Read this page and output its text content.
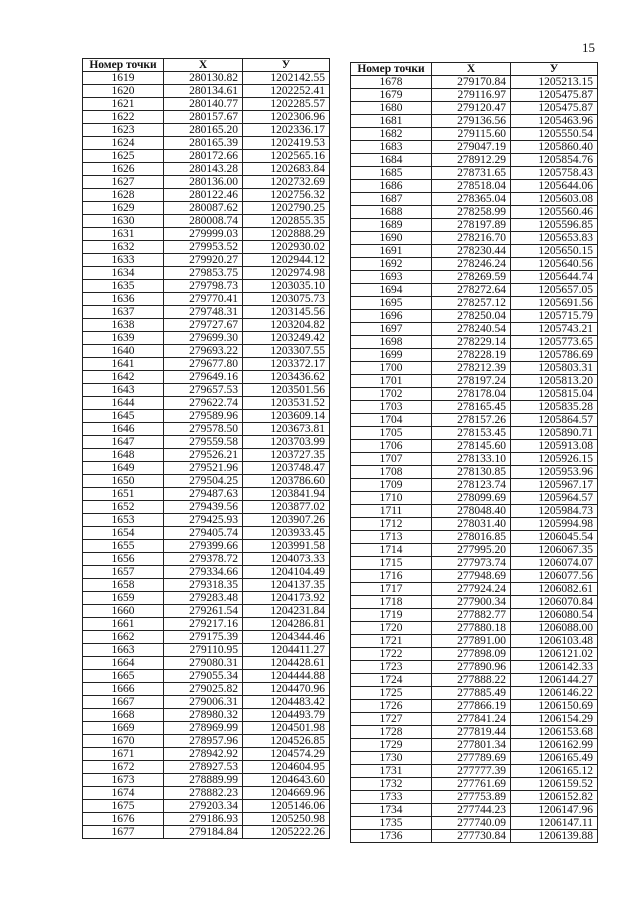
15
Номер точки	X	У
1619	280130.82	1202142.55
1620	280134.61	1202252.41
1621	280140.77	1202285.57
1622	280157.67	1202306.96
1623	280165.20	1202336.17
1624	280165.39	1202419.53
1625	280172.66	1202565.16
1626	280143.28	1202683.84
1627	280136.00	1202732.69
1628	280122.46	1202756.32
1629	280087.62	1202790.25
1630	280008.74	1202855.35
1631	279999.03	1202888.29
1632	279953.52	1202930.02
1633	279920.27	1202944.12
1634	279853.75	1202974.98
1635	279798.73	1203035.10
1636	279770.41	1203075.73
1637	279748.31	1203145.56
1638	279727.67	1203204.82
1639	279699.30	1203249.42
1640	279693.22	1203307.55
1641	279677.80	1203372.17
1642	279649.16	1203436.62
1643	279657.53	1203501.56
1644	279622.74	1203531.52
1645	279589.96	1203609.14
1646	279578.50	1203673.81
1647	279559.58	1203703.99
1648	279526.21	1203727.35
1649	279521.96	1203748.47
1650	279504.25	1203786.60
1651	279487.63	1203841.94
1652	279439.56	1203877.02
1653	279425.93	1203907.26
1654	279405.74	1203933.45
1655	279399.66	1203991.58
1656	279378.72	1204073.33
1657	279334.66	1204104.49
1658	279318.35	1204137.35
1659	279283.48	1204173.92
1660	279261.54	1204231.84
1661	279217.16	1204286.81
1662	279175.39	1204344.46
1663	279110.95	1204411.27
1664	279080.31	1204428.61
1665	279055.34	1204444.88
1666	279025.82	1204470.96
1667	279006.31	1204483.42
1668	278980.32	1204493.79
1669	278969.99	1204501.98
1670	278957.96	1204526.85
1671	278942.92	1204574.29
1672	278927.53	1204604.95
1673	278889.99	1204643.60
1674	278882.23	1204669.96
1675	279203.34	1205146.06
1676	279186.93	1205250.98
1677	279184.84	1205222.26
Номер точки	X	У
1678	279170.84	1205213.15
1679	279116.97	1205475.87
1680	279120.47	1205475.87
1681	279136.56	1205463.96
1682	279115.60	1205550.54
1683	279047.19	1205860.40
1684	278912.29	1205854.76
1685	278731.65	1205758.43
1686	278518.04	1205644.06
1687	278365.04	1205603.08
1688	278258.99	1205560.46
1689	278197.89	1205596.85
1690	278216.70	1205653.83
1691	278230.44	1205650.15
1692	278246.24	1205640.56
1693	278269.59	1205644.74
1694	278272.64	1205657.05
1695	278257.12	1205691.56
1696	278250.04	1205715.79
1697	278240.54	1205743.21
1698	278229.14	1205773.65
1699	278228.19	1205786.69
1700	278212.39	1205803.31
1701	278197.24	1205813.20
1702	278178.04	1205815.04
1703	278165.45	1205835.28
1704	278157.26	1205864.57
1705	278153.45	1205890.71
1706	278145.60	1205913.08
1707	278133.10	1205926.15
1708	278130.85	1205953.96
1709	278123.74	1205967.17
1710	278099.69	1205964.57
1711	278048.40	1205984.73
1712	278031.40	1205994.98
1713	278016.85	1206045.54
1714	277995.20	1206067.35
1715	277973.74	1206074.07
1716	277948.69	1206077.56
1717	277924.24	1206082.61
1718	277900.34	1206070.84
1719	277882.77	1206080.54
1720	277880.18	1206088.00
1721	277891.00	1206103.48
1722	277898.09	1206121.02
1723	277890.96	1206142.33
1724	277888.22	1206144.27
1725	277885.49	1206146.22
1726	277866.19	1206150.69
1727	277841.24	1206154.29
1728	277819.44	1206153.68
1729	277801.34	1206162.99
1730	277789.69	1206165.49
1731	277777.39	1206165.12
1732	277761.69	1206159.52
1733	277753.89	1206152.82
1734	277744.23	1206147.96
1735	277740.09	1206147.11
1736	277730.84	1206139.88
